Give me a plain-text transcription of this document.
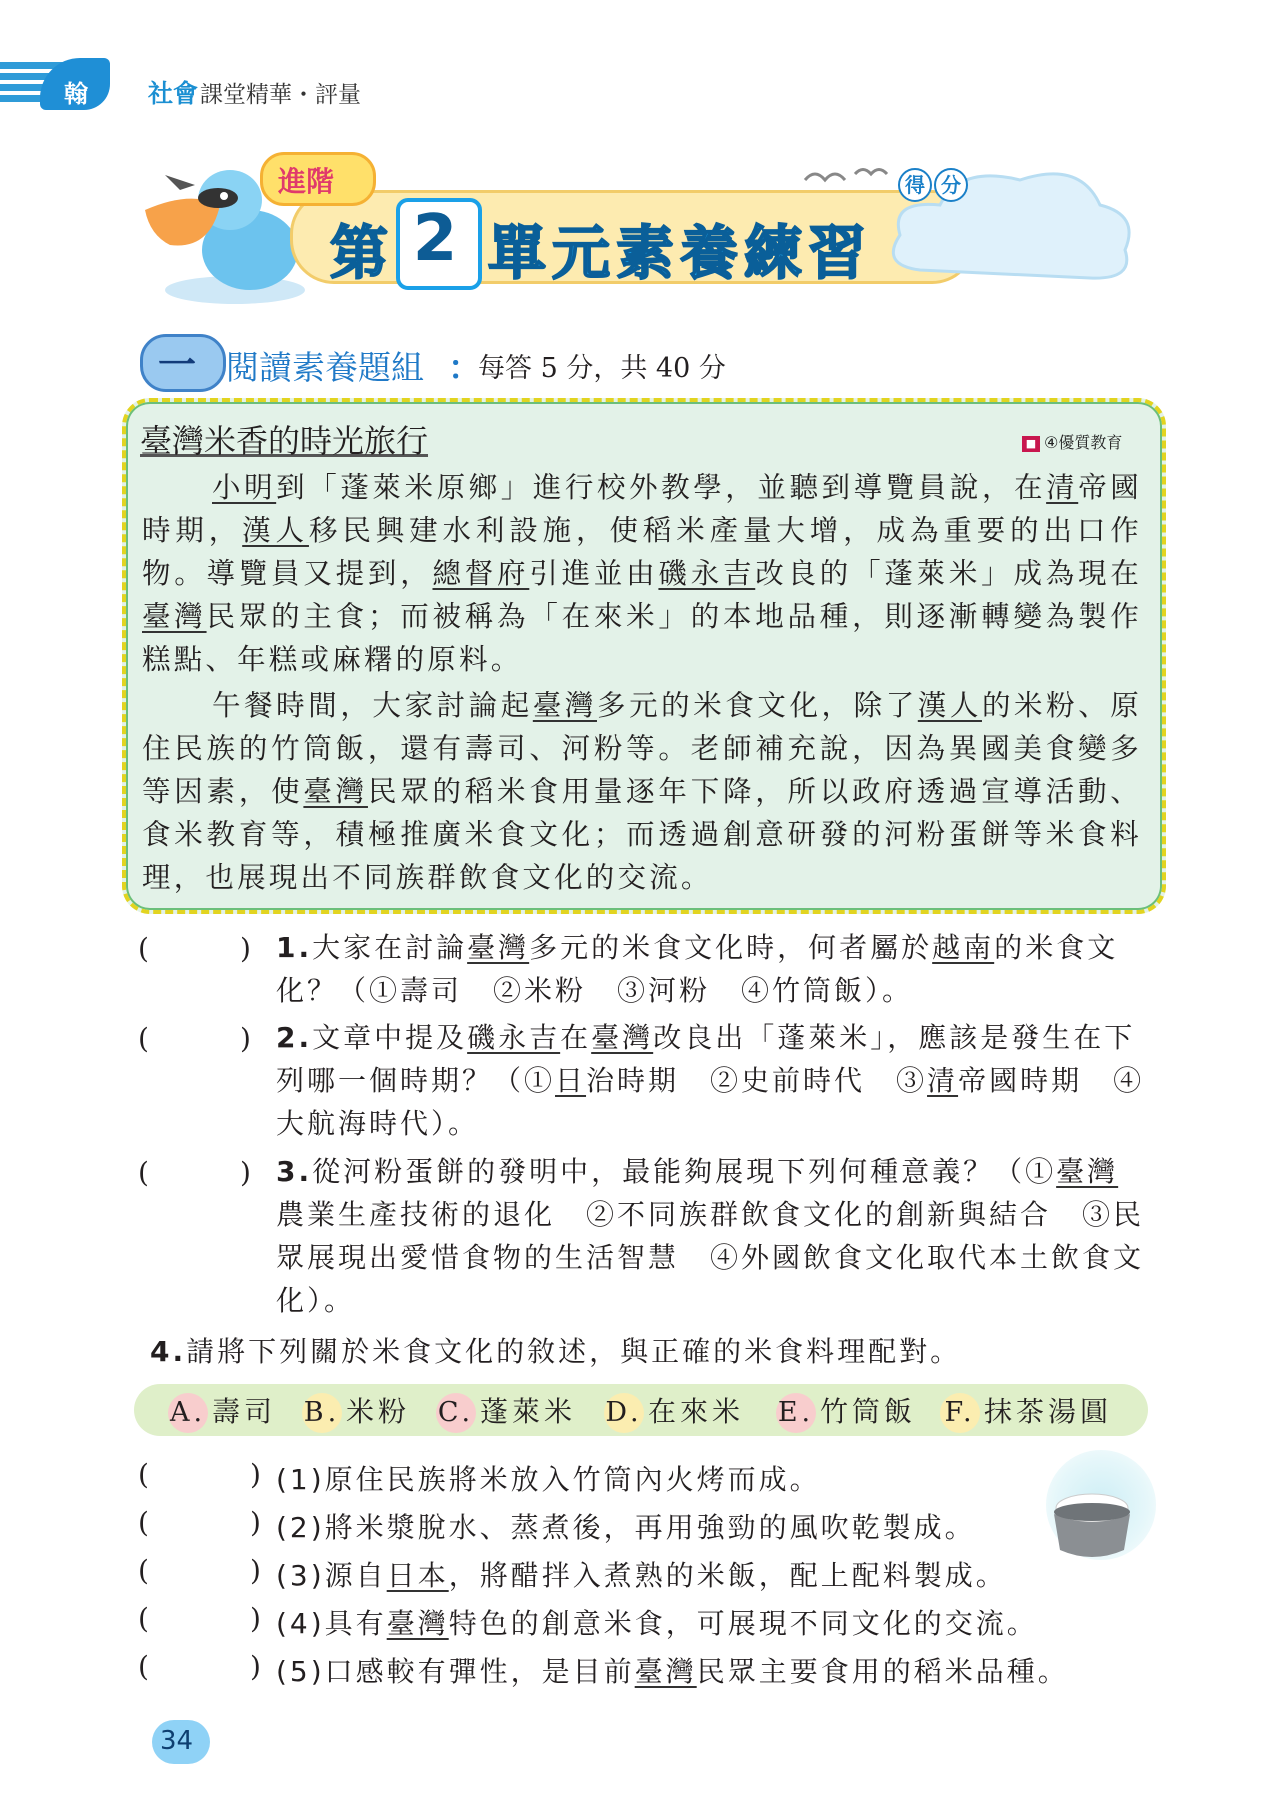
翰 社會 課堂精華・評量
進階
第 2 單元素養練習
得 分
一 閱讀素養題組 ：
每答 5 分，共 40 分
臺灣米香的時光旅行	■ ④優質教育
小明到「蓬萊米原鄉」進行校外教學，並聽到導覽員說，在清帝國時期，漢人移民興建水利設施，使稻米產量大增，成為重要的出口作物。導覽員又提到，總督府引進並由磯永吉改良的「蓬萊米」成為現在臺灣民眾的主食；而被稱為「在來米」的本地品種，則逐漸轉變為製作糕點、年糕或麻糬的原料。
午餐時間，大家討論起臺灣多元的米食文化，除了漢人的米粉、原住民族的竹筒飯，還有壽司、河粉等。老師補充說，因為異國美食變多等因素，使臺灣民眾的稻米食用量逐年下降，所以政府透過宣導活動、食米教育等，積極推廣米食文化；而透過創意研發的河粉蛋餅等米食料理，也展現出不同族群飲食文化的交流。
(	) 1.大家在討論臺灣多元的米食文化時，何者屬於越南的米食文化？（①壽司　②米粉　③河粉　④竹筒飯）。
(	) 2.文章中提及磯永吉在臺灣改良出「蓬萊米」，應該是發生在下列哪一個時期？（①日治時期　②史前時代　③清帝國時期　④大航海時代）。
(	) 3.從河粉蛋餅的發明中，最能夠展現下列何種意義？（①臺灣農業生產技術的退化　②不同族群飲食文化的創新與結合　③民眾展現出愛惜食物的生活智慧　④外國飲食文化取代本土飲食文化）。
4.請將下列關於米食文化的敘述，與正確的米食料理配對。
A. 壽司 B. 米粉 C. 蓬萊米 D. 在來米 E. 竹筒飯 F. 抹茶湯圓
(	) (1)原住民族將米放入竹筒內火烤而成。
(	) (2)將米漿脫水、蒸煮後，再用強勁的風吹乾製成。
(	) (3)源自日本，將醋拌入煮熟的米飯，配上配料製成。
(	) (4)具有臺灣特色的創意米食，可展現不同文化的交流。
(	) (5)口感較有彈性，是目前臺灣民眾主要食用的稻米品種。
34
